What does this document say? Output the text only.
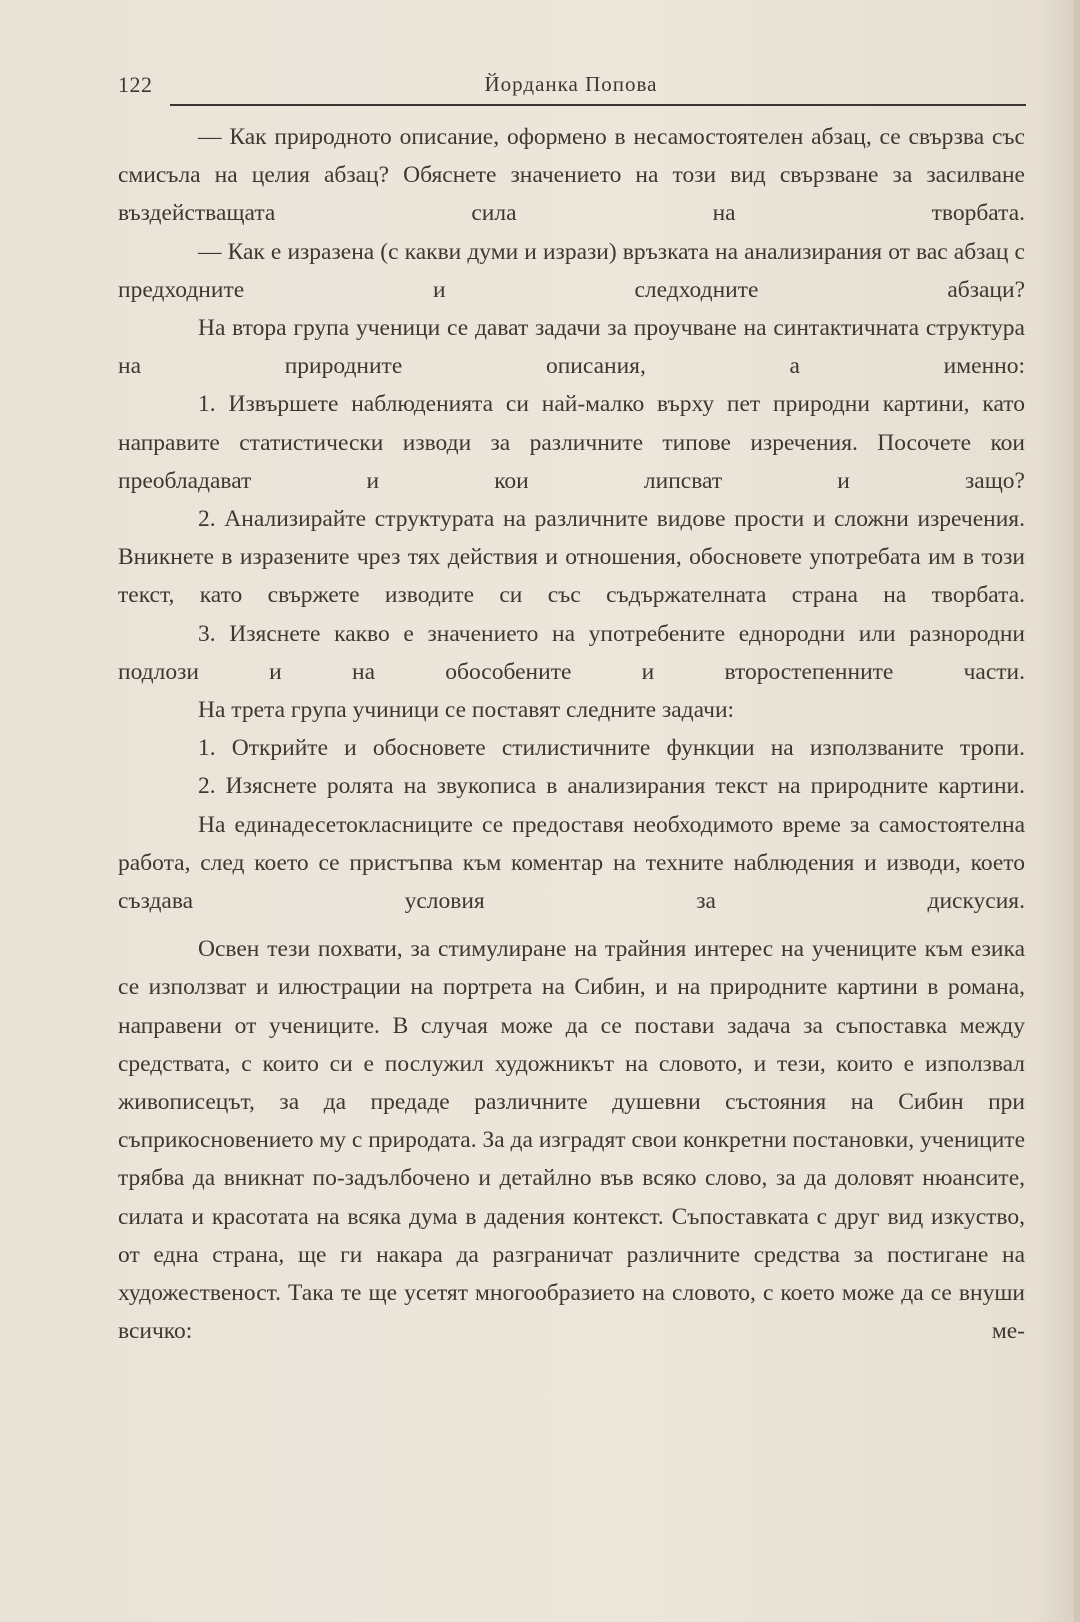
122	Йорданка Попова

— Как природното описание, оформено в несамостоятелен абзац, се свързва със смисъла на целия абзац? Обяснете значението на този вид свързване за засилване въздействащата сила на творбата.

— Как е изразена (с какви думи и изрази) връзката на анализирания от вас абзац с предходните и следходните абзаци?

На втора група ученици се дават задачи за проучване на синтактичната структура на природните описания, а именно:

1. Извършете наблюденията си най-малко върху пет природни картини, като направите статистически изводи за различните типове изречения. Посочете кои преобладават и кои липсват и защо?

2. Анализирайте структурата на различните видове прости и сложни изречения. Вникнете в изразените чрез тях действия и отношения, обосновете употребата им в този текст, като свържете изводите си със съдържателната страна на творбата.

3. Изяснете какво е значението на употребените еднородни или разнородни подлози и на обособените и второстепенните части.

На трета група учиници се поставят следните задачи:

1. Открийте и обосновете стилистичните функции на използваните тропи.

2. Изяснете ролята на звукописа в анализирания текст на природните картини.

На единадесетокласниците се предоставя необходимото време за самостоятелна работа, след което се пристъпва към коментар на техните наблюдения и изводи, което създава условия за дискусия.

Освен тези похвати, за стимулиране на трайния интерес на учениците към езика се използват и илюстрации на портрета на Сибин, и на природните картини в романа, направени от учениците. В случая може да се постави задача за съпоставка между средствата, с които си е послужил художникът на словото, и тези, които е използвал живописецът, за да предаде различните душевни състояния на Сибин при съприкосновението му с природата. За да изградят свои конкретни постановки, учениците трябва да вникнат по-задълбочено и детайлно във всяко слово, за да доловят нюансите, силата и красотата на всяка дума в дадения контекст. Съпоставката с друг вид изкуство, от една страна, ще ги накара да разграничат различните средства за постигане на художественост. Така те ще усетят многообразието на словото, с което може да се внуши всичко: ме-
